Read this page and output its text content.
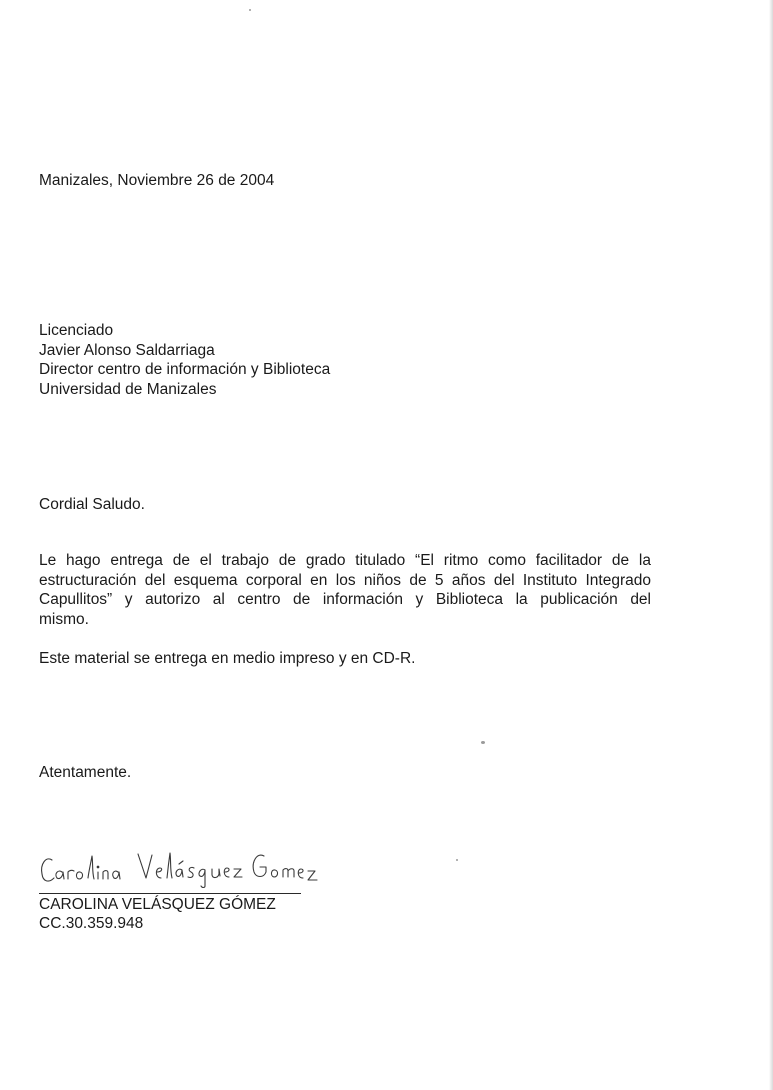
Manizales, Noviembre 26 de 2004
Licenciado
Javier Alonso Saldarriaga
Director centro de información y Biblioteca
Universidad de Manizales
Cordial Saludo.
Le hago entrega de el trabajo de grado titulado “El ritmo como facilitador de la
estructuración del esquema corporal en los niños de 5 años del Instituto Integrado
Capullitos” y autorizo al centro de información y Biblioteca la publicación del
mismo.
Este material se entrega en medio impreso y en CD-R.
Atentamente.
CAROLINA VELÁSQUEZ GÓMEZ
CC.30.359.948
